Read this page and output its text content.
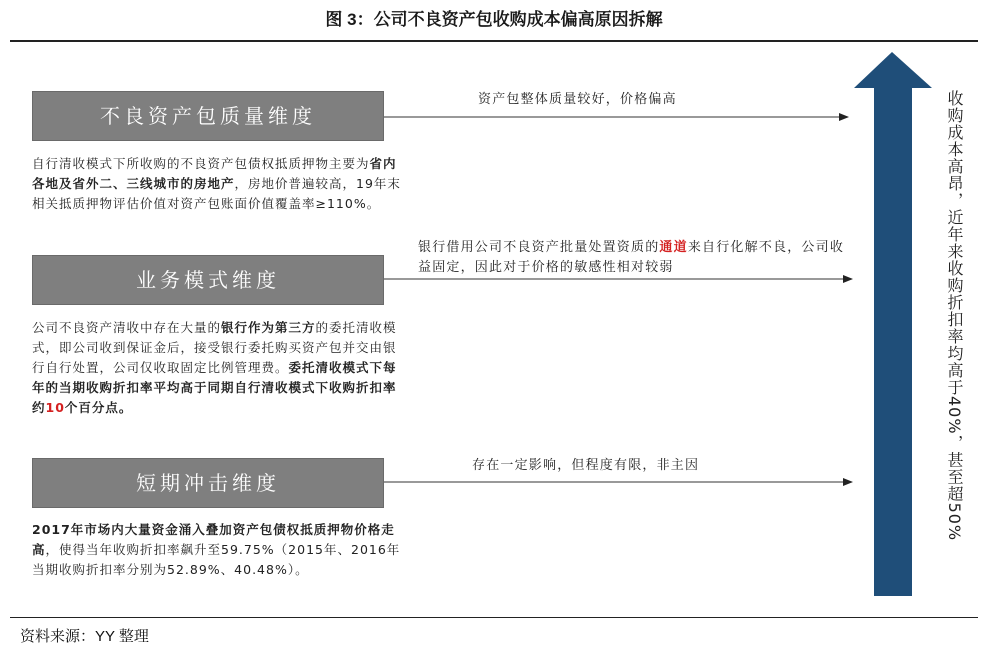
图 3：公司不良资产包收购成本偏高原因拆解
不良资产包质量维度
资产包整体质量较好，价格偏高

自行清收模式下所收购的不良资产包债权抵质押物主要为省内各地及省外二、三线城市的房地产，房地价普遍较高，19年末相关抵质押物评估价值对资产包账面价值覆盖率≥110%。

银行借用公司不良资产批量处置资质的通道来自行化解不良，公司收益固定，因此对于价格的敏感性相对较弱
业务模式维度

公司不良资产清收中存在大量的银行作为第三方的委托清收模式，即公司收到保证金后，接受银行委托购买资产包并交由银行自行处置，公司仅收取固定比例管理费。委托清收模式下每年的当期收购折扣率平均高于同期自行清收模式下收购折扣率约10个百分点。

短期冲击维度
存在一定影响，但程度有限，非主因

2017年市场内大量资金涌入叠加资产包债权抵质押物价格走高，使得当年收购折扣率飙升至59.75%（2015年、2016年当期收购折扣率分别为52.89%、40.48%）。

收购成本高昂，近年来收购折扣率均高于40%，甚至超50%
资料来源：YY 整理
